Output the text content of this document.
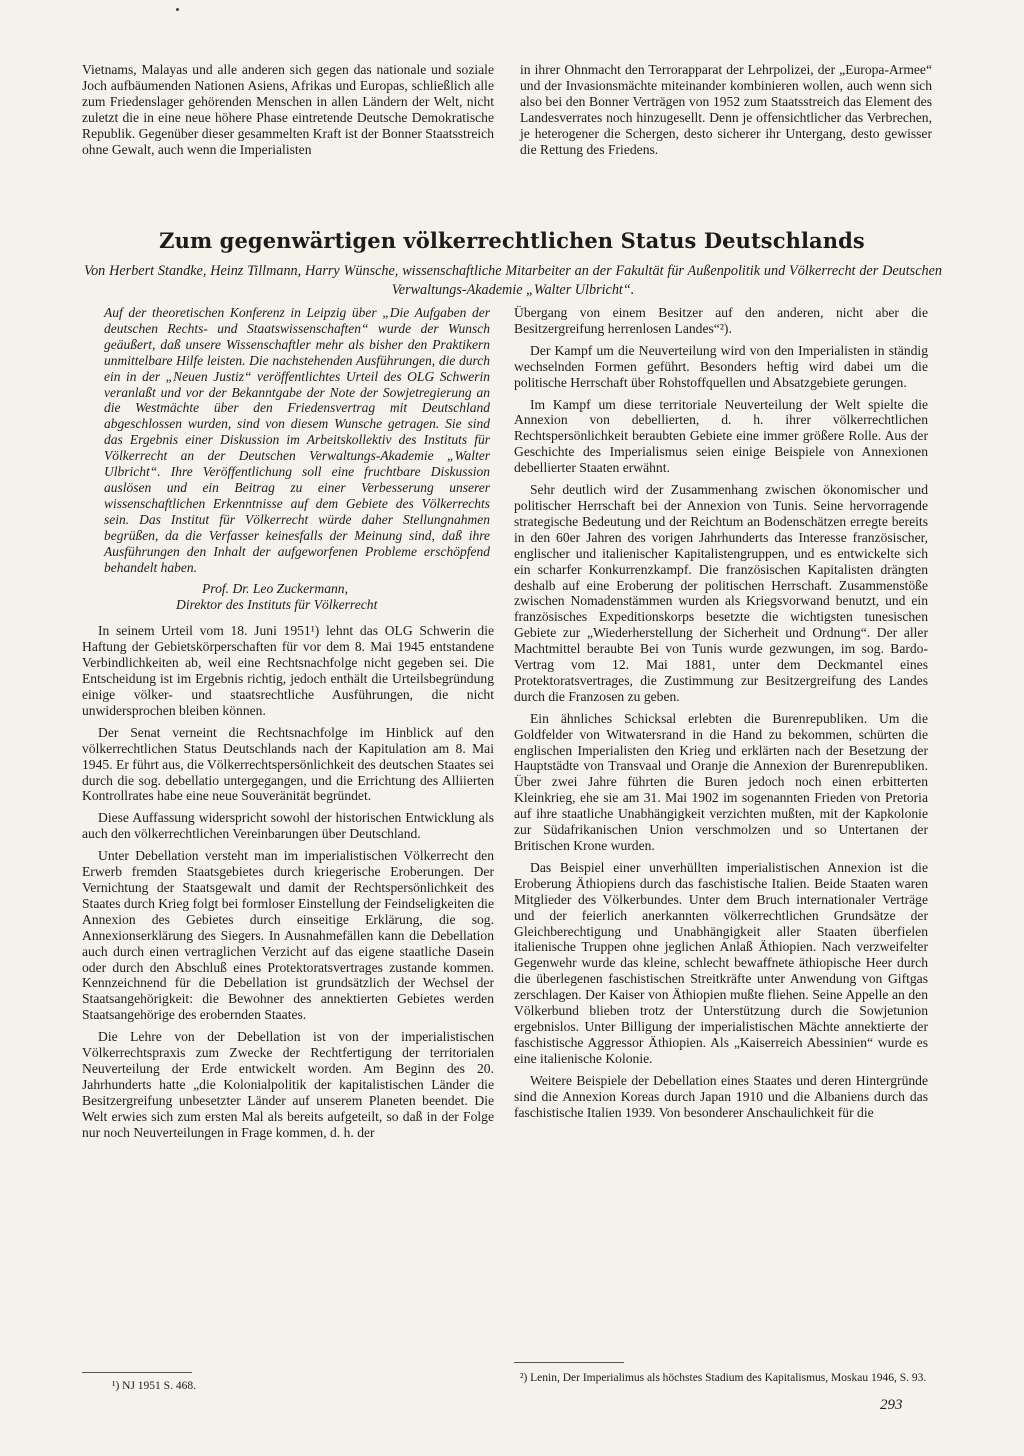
Vietnams, Malayas und alle anderen sich gegen das nationale und soziale Joch aufbäumenden Nationen Asiens, Afrikas und Europas, schließlich alle zum Friedenslager gehörenden Menschen in allen Ländern der Welt, nicht zuletzt die in eine neue höhere Phase eintretende Deutsche Demokratische Republik. Gegenüber dieser gesammelten Kraft ist der Bonner Staatsstreich ohne Gewalt, auch wenn die Imperialisten

in ihrer Ohnmacht den Terrorapparat der Lehrpolizei, der „Europa-Armee“ und der Invasionsmächte miteinander kombinieren wollen, auch wenn sich also bei den Bonner Verträgen von 1952 zum Staatsstreich das Element des Landesverrates noch hinzugesellt. Denn je offensichtlicher das Verbrechen, je heterogener die Schergen, desto sicherer ihr Untergang, desto gewisser die Rettung des Friedens.

Zum gegenwärtigen völkerrechtlichen Status Deutschlands
Von Herbert Standke, Heinz Tillmann, Harry Wünsche, wissenschaftliche Mitarbeiter an der Fakultät für Außenpolitik und Völkerrecht der Deutschen Verwaltungs-Akademie „Walter Ulbricht“.

Auf der theoretischen Konferenz in Leipzig über „Die Aufgaben der deutschen Rechts- und Staatswissenschaften“ wurde der Wunsch geäußert, daß unsere Wissenschaftler mehr als bisher den Praktikern unmittelbare Hilfe leisten. Die nachstehenden Ausführungen, die durch ein in der „Neuen Justiz“ veröffentlichtes Urteil des OLG Schwerin veranlaßt und vor der Bekanntgabe der Note der Sowjetregierung an die Westmächte über den Friedensvertrag mit Deutschland abgeschlossen wurden, sind von diesem Wunsche getragen. Sie sind das Ergebnis einer Diskussion im Arbeitskollektiv des Instituts für Völkerrecht an der Deutschen Verwaltungs-Akademie „Walter Ulbricht“. Ihre Veröffentlichung soll eine fruchtbare Diskussion auslösen und ein Beitrag zu einer Verbesserung unserer wissenschaftlichen Erkenntnisse auf dem Gebiete des Völkerrechts sein. Das Institut für Völkerrecht würde daher Stellungnahmen begrüßen, da die Verfasser keinesfalls der Meinung sind, daß ihre Ausführungen den Inhalt der aufgeworfenen Probleme erschöpfend behandelt haben.

Prof. Dr. Leo Zuckermann,
Direktor des Instituts für Völkerrecht

In seinem Urteil vom 18. Juni 1951¹) lehnt das OLG Schwerin die Haftung der Gebietskörperschaften für vor dem 8. Mai 1945 entstandene Verbindlichkeiten ab, weil eine Rechtsnachfolge nicht gegeben sei. Die Entscheidung ist im Ergebnis richtig, jedoch enthält die Urteilsbegründung einige völker- und staatsrechtliche Ausführungen, die nicht unwidersprochen bleiben können.

Der Senat verneint die Rechtsnachfolge im Hinblick auf den völkerrechtlichen Status Deutschlands nach der Kapitulation am 8. Mai 1945. Er führt aus, die Völkerrechtspersönlichkeit des deutschen Staates sei durch die sog. debellatio untergegangen, und die Errichtung des Alliierten Kontrollrates habe eine neue Souveränität begründet.

Diese Auffassung widerspricht sowohl der historischen Entwicklung als auch den völkerrechtlichen Vereinbarungen über Deutschland.

Unter Debellation versteht man im imperialistischen Völkerrecht den Erwerb fremden Staatsgebietes durch kriegerische Eroberungen. Der Vernichtung der Staatsgewalt und damit der Rechtspersönlichkeit des Staates durch Krieg folgt bei formloser Einstellung der Feindseligkeiten die Annexion des Gebietes durch einseitige Erklärung, die sog. Annexionserklärung des Siegers. In Ausnahmefällen kann die Debellation auch durch einen vertraglichen Verzicht auf das eigene staatliche Dasein oder durch den Abschluß eines Protektoratsvertrages zustande kommen. Kennzeichnend für die Debellation ist grundsätzlich der Wechsel der Staatsangehörigkeit: die Bewohner des annektierten Gebietes werden Staatsangehörige des erobernden Staates.

Die Lehre von der Debellation ist von der imperialistischen Völkerrechtspraxis zum Zwecke der Rechtfertigung der territorialen Neuverteilung der Erde entwickelt worden. Am Beginn des 20. Jahrhunderts hatte „die Kolonialpolitik der kapitalistischen Länder die Besitzergreifung unbesetzter Länder auf unserem Planeten beendet. Die Welt erwies sich zum ersten Mal als bereits aufgeteilt, so daß in der Folge nur noch Neuverteilungen in Frage kommen, d. h. der

Übergang von einem Besitzer auf den anderen, nicht aber die Besitzergreifung herrenlosen Landes“²).

Der Kampf um die Neuverteilung wird von den Imperialisten in ständig wechselnden Formen geführt. Besonders heftig wird dabei um die politische Herrschaft über Rohstoffquellen und Absatzgebiete gerungen.

Im Kampf um diese territoriale Neuverteilung der Welt spielte die Annexion von debellierten, d. h. ihrer völkerrechtlichen Rechtspersönlichkeit beraubten Gebiete eine immer größere Rolle. Aus der Geschichte des Imperialismus seien einige Beispiele von Annexionen debellierter Staaten erwähnt.

Sehr deutlich wird der Zusammenhang zwischen ökonomischer und politischer Herrschaft bei der Annexion von Tunis. Seine hervorragende strategische Bedeutung und der Reichtum an Bodenschätzen erregte bereits in den 60er Jahren des vorigen Jahrhunderts das Interesse französischer, englischer und italienischer Kapitalistengruppen, und es entwickelte sich ein scharfer Konkurrenzkampf. Die französischen Kapitalisten drängten deshalb auf eine Eroberung der politischen Herrschaft. Zusammenstöße zwischen Nomadenstämmen wurden als Kriegsvorwand benutzt, und ein französisches Expeditionskorps besetzte die wichtigsten tunesischen Gebiete zur „Wiederherstellung der Sicherheit und Ordnung“. Der aller Machtmittel beraubte Bei von Tunis wurde gezwungen, im sog. Bardo-Vertrag vom 12. Mai 1881, unter dem Deckmantel eines Protektoratsvertrages, die Zustimmung zur Besitzergreifung des Landes durch die Franzosen zu geben.

Ein ähnliches Schicksal erlebten die Burenrepubliken. Um die Goldfelder von Witwatersrand in die Hand zu bekommen, schürten die englischen Imperialisten den Krieg und erklärten nach der Besetzung der Hauptstädte von Transvaal und Oranje die Annexion der Burenrepubliken. Über zwei Jahre führten die Buren jedoch noch einen erbitterten Kleinkrieg, ehe sie am 31. Mai 1902 im sogenannten Frieden von Pretoria auf ihre staatliche Unabhängigkeit verzichten mußten, mit der Kapkolonie zur Südafrikanischen Union verschmolzen und so Untertanen der Britischen Krone wurden.

Das Beispiel einer unverhüllten imperialistischen Annexion ist die Eroberung Äthiopiens durch das faschistische Italien. Beide Staaten waren Mitglieder des Völkerbundes. Unter dem Bruch internationaler Verträge und der feierlich anerkannten völkerrechtlichen Grundsätze der Gleichberechtigung und Unabhängigkeit aller Staaten überfielen italienische Truppen ohne jeglichen Anlaß Äthiopien. Nach verzweifelter Gegenwehr wurde das kleine, schlecht bewaffnete äthiopische Heer durch die überlegenen faschistischen Streitkräfte unter Anwendung von Giftgas zerschlagen. Der Kaiser von Äthiopien mußte fliehen. Seine Appelle an den Völkerbund blieben trotz der Unterstützung durch die Sowjetunion ergebnislos. Unter Billigung der imperialistischen Mächte annektierte der faschistische Aggressor Äthiopien. Als „Kaiserreich Abessinien“ wurde es eine italienische Kolonie.

Weitere Beispiele der Debellation eines Staates und deren Hintergründe sind die Annexion Koreas durch Japan 1910 und die Albaniens durch das faschistische Italien 1939. Von besonderer Anschaulichkeit für die

¹) NJ 1951 S. 468.
²) Lenin, Der Imperialimus als höchstes Stadium des Kapitalismus, Moskau 1946, S. 93.
293
